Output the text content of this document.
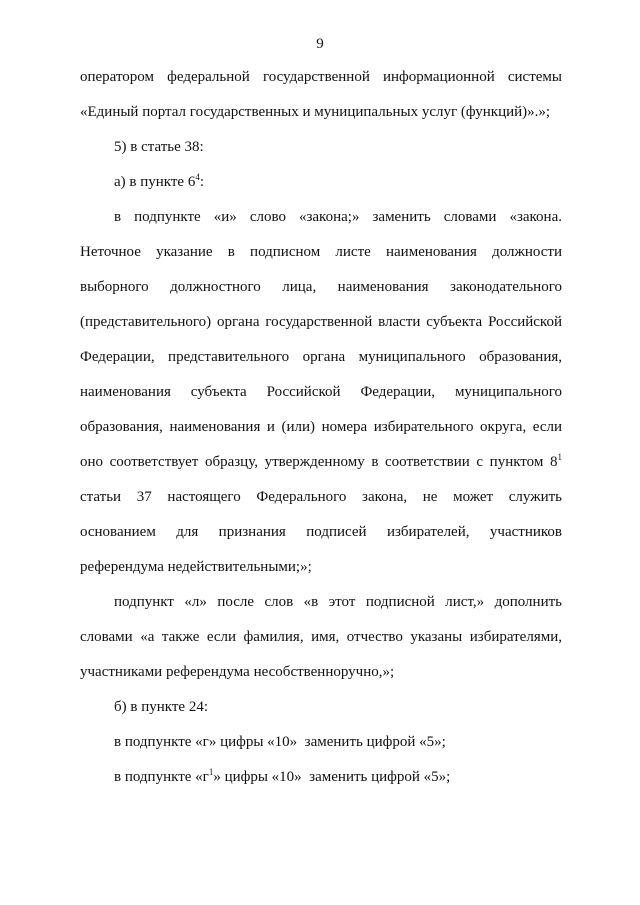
9
оператором федеральной государственной информационной системы
«Единый портал государственных и муниципальных услуг (функций)».»;
5) в статье 38:
а) в пункте $6^4$:
в подпункте «и» слово «закона;» заменить словами «закона.
Неточное указание в подписном листе наименования должности
выборного должностного лица, наименования законодательного
(представительного) органа государственной власти субъекта Российской
Федерации, представительного органа муниципального образования,
наименования субъекта Российской Федерации, муниципального
образования, наименования и (или) номера избирательного округа, если
оно соответствует образцу, утвержденному в соответствии с пунктом $8^1$
статьи 37 настоящего Федерального закона, не может служить
основанием для признания подписей избирателей, участников
референдума недействительными;»;
подпункт «л» после слов «в этот подписной лист,» дополнить
словами «а также если фамилия, имя, отчество указаны избирателями,
участниками референдума несобственноручно,»;
б) в пункте 24:
в подпункте «г» цифры «10»  заменить цифрой «5»;
в подпункте «$г^1$» цифры «10»  заменить цифрой «5»;
